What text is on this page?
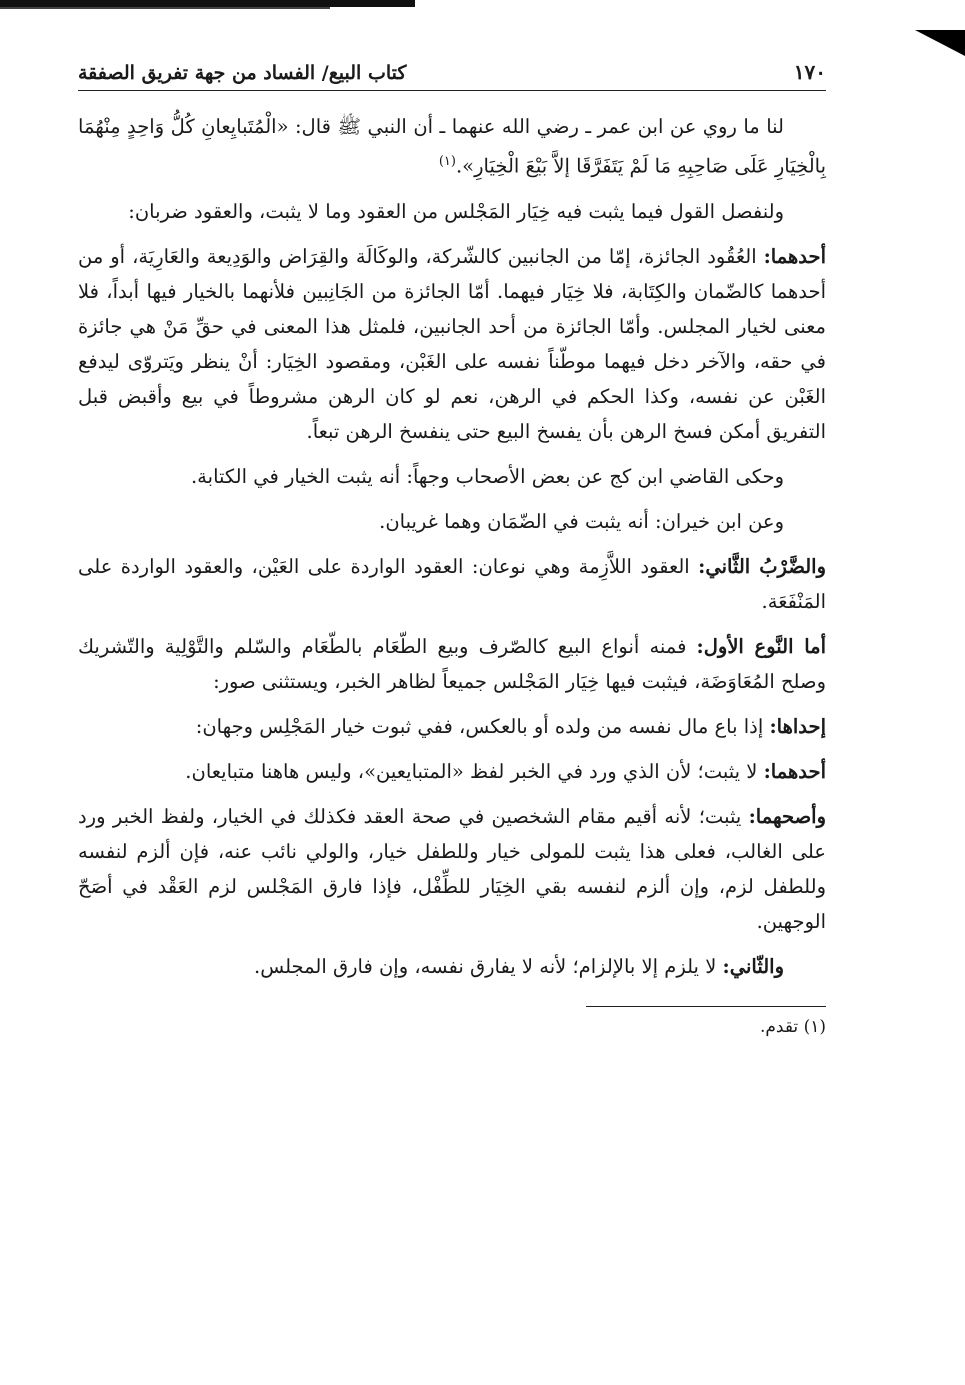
١٧٠
كتاب البيع/ الفساد من جهة تفريق الصفقة

لنا ما روي عن ابن عمر ـ رضي الله عنهما ـ أن النبي ﷺ قال: «الْمُتَبايِعانِ كُلُّ وَاحِدٍ مِنْهُمَا بِالْخِيَارِ عَلَى صَاحِبِهِ مَا لَمْ يَتَفَرَّقَا إلاَّ بَيْعَ الْخِيَارِ».$^{(١)}$

ولنفصل القول فيما يثبت فيه خِيَار المَجْلس من العقود وما لا يثبت، والعقود ضربان:

أحدهما: العُقُود الجائزة، إمّا من الجانبين كالشّركة، والوكَالَة والقِرَاض والوَدِيعة والعَارِيَة، أو من أحدهما كالضّمان والكِتَابة، فلا خِيَار فيهما. أمّا الجائزة من الجَانِبين فلأنهما بالخيار فيها أبداً، فلا معنى لخيار المجلس. وأمّا الجائزة من أحد الجانبين، فلمثل هذا المعنى في حقِّ مَنْ هي جائزة في حقه، والآخر دخل فيهما موطّناً نفسه على الغَبْن، ومقصود الخِيَار: أنْ ينظر ويَتروّى ليدفع الغَبْن عن نفسه، وكذا الحكم في الرهن، نعم لو كان الرهن مشروطاً في بيع وأقبض قبل التفريق أمكن فسخ الرهن بأن يفسخ البيع حتى ينفسخ الرهن تبعاً.

وحكى القاضي ابن كج عن بعض الأصحاب وجهاً: أنه يثبت الخيار في الكتابة.

وعن ابن خيران: أنه يثبت في الضّمَان وهما غريبان.

والضَّرْبُ الثَّاني: العقود اللاَّزِمة وهي نوعان: العقود الواردة على العَيْن، والعقود الواردة على المَنْفَعَة.

أما النَّوع الأول: فمنه أنواع البيع كالصّرف وبيع الطّعَام بالطّعَام والسّلم والتَّوْلِية والتّشريك وصلح المُعَاوَضَة، فيثبت فيها خِيَار المَجْلس جميعاً لظاهر الخبر، ويستثنى صور:

إحداها: إذا باع مال نفسه من ولده أو بالعكس، ففي ثبوت خيار المَجْلِس وجهان:

أحدهما: لا يثبت؛ لأن الذي ورد في الخبر لفظ «المتبايعين»، وليس هاهنا متبايعان.

وأصحهما: يثبت؛ لأنه أقيم مقام الشخصين في صحة العقد فكذلك في الخيار، ولفظ الخبر ورد على الغالب، فعلى هذا يثبت للمولى خيار وللطفل خيار، والولي نائب عنه، فإن ألزم لنفسه وللطفل لزم، وإن ألزم لنفسه بقي الخِيَار للطِّفْل، فإذا فارق المَجْلس لزم العَقْد في أصَحّ الوجهين.

والثّاني: لا يلزم إلا بالإلزام؛ لأنه لا يفارق نفسه، وإن فارق المجلس.

(١) تقدم.
